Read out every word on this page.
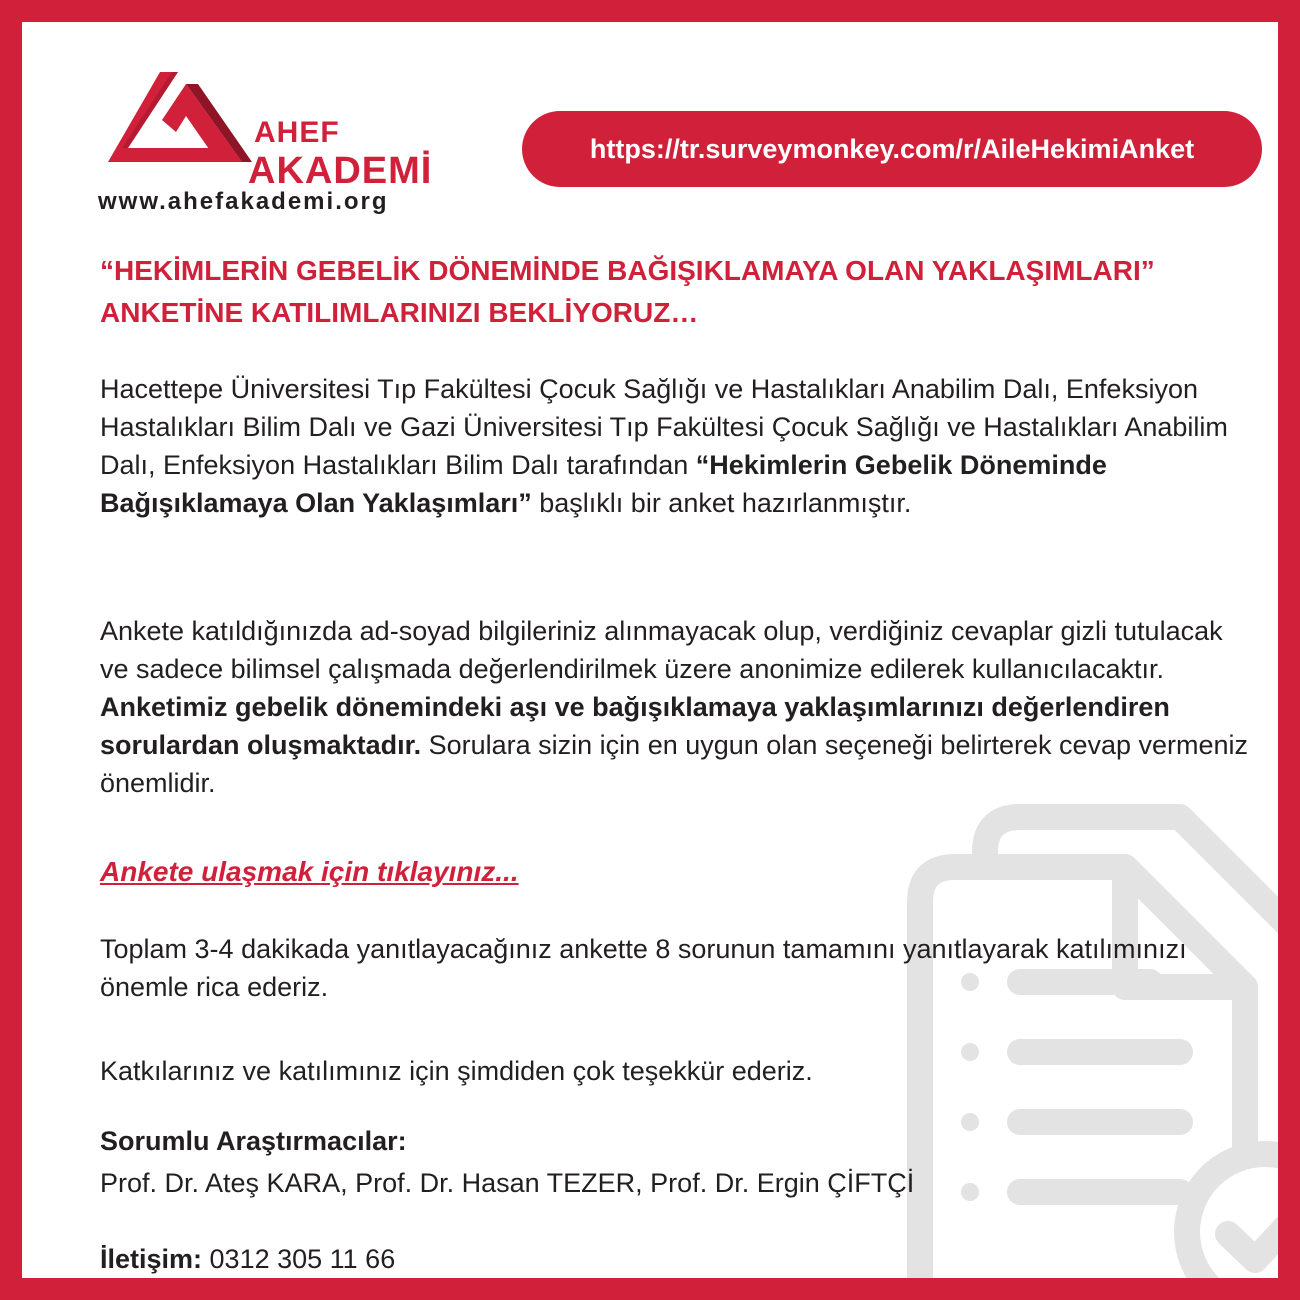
AHEF
AKADEMİ
www.ahefakademi.org
https://tr.surveymonkey.com/r/AileHekimiAnket
“HEKİMLERİN GEBELİK DÖNEMİNDE BAĞIŞIKLAMAYA OLAN YAKLAŞIMLARI”
ANKETİNE KATILIMLARINIZI BEKLİYORUZ…
Hacettepe Üniversitesi Tıp Fakültesi Çocuk Sağlığı ve Hastalıkları Anabilim Dalı, Enfeksiyon Hastalıkları Bilim Dalı ve Gazi Üniversitesi Tıp Fakültesi Çocuk Sağlığı ve Hastalıkları Anabilim Dalı, Enfeksiyon Hastalıkları Bilim Dalı tarafından “Hekimlerin Gebelik Döneminde Bağışıklamaya Olan Yaklaşımları” başlıklı bir anket hazırlanmıştır.
Ankete katıldığınızda ad-soyad bilgileriniz alınmayacak olup, verdiğiniz cevaplar gizli tutulacak ve sadece bilimsel çalışmada değerlendirilmek üzere anonimize edilerek kullanıcılacaktır. Anketimiz gebelik dönemindeki aşı ve bağışıklamaya yaklaşımlarınızı değerlendiren sorulardan oluşmaktadır. Sorulara sizin için en uygun olan seçeneği belirterek cevap vermeniz önemlidir.
Ankete ulaşmak için tıklayınız...
Toplam 3-4 dakikada yanıtlayacağınız ankette 8 sorunun tamamını yanıtlayarak katılımınızı önemle rica ederiz.
Katkılarınız ve katılımınız için şimdiden çok teşekkür ederiz.
Sorumlu Araştırmacılar:
Prof. Dr. Ateş KARA, Prof. Dr. Hasan TEZER, Prof. Dr. Ergin ÇİFTÇİ
İletişim: 0312 305 11 66
